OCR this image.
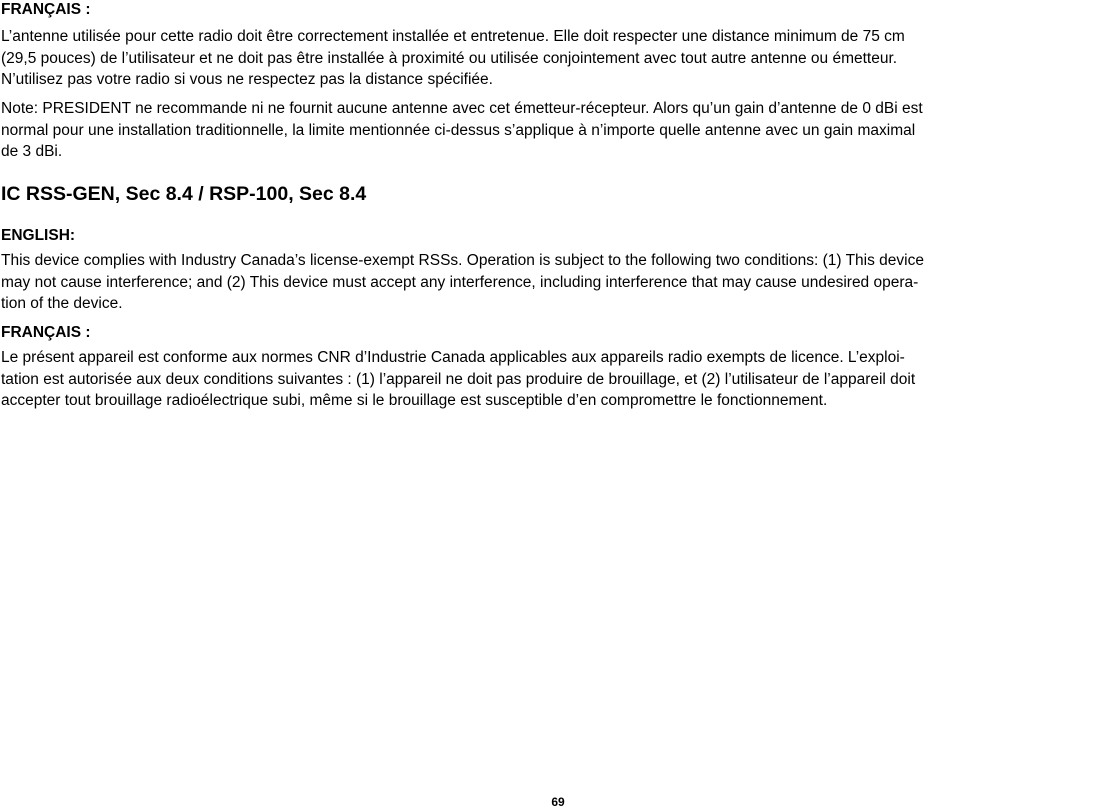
FRANÇAIS :

L’antenne utilisée pour cette radio doit être correctement installée et entretenue. Elle doit respecter une distance minimum de 75 cm

(29,5 pouces) de l’utilisateur et ne doit pas être installée à proximité ou utilisée conjointement avec tout autre antenne ou émetteur.

N’utilisez pas votre radio si vous ne respectez pas la distance spécifiée.

Note: PRESIDENT ne recommande ni ne fournit aucune antenne avec cet émetteur-récepteur. Alors qu’un gain d’antenne de 0 dBi est

normal pour une installation traditionnelle, la limite mentionnée ci-dessus s’applique à n’importe quelle antenne avec un gain maximal

de 3 dBi.

IC RSS-GEN, Sec 8.4 / RSP-100, Sec 8.4

ENGLISH:

This device complies with Industry Canada’s license-exempt RSSs. Operation is subject to the following two conditions: (1) This device

may not cause interference; and (2) This device must accept any interference, including interference that may cause undesired opera-

tion of the device.

FRANÇAIS :

Le présent appareil est conforme aux normes CNR d’Industrie Canada applicables aux appareils radio exempts de licence. L’exploi-

tation est autorisée aux deux conditions suivantes : (1) l’appareil ne doit pas produire de brouillage, et (2) l’utilisateur de l’appareil doit

accepter tout brouillage radioélectrique subi, même si le brouillage est susceptible d’en compromettre le fonctionnement.

69
